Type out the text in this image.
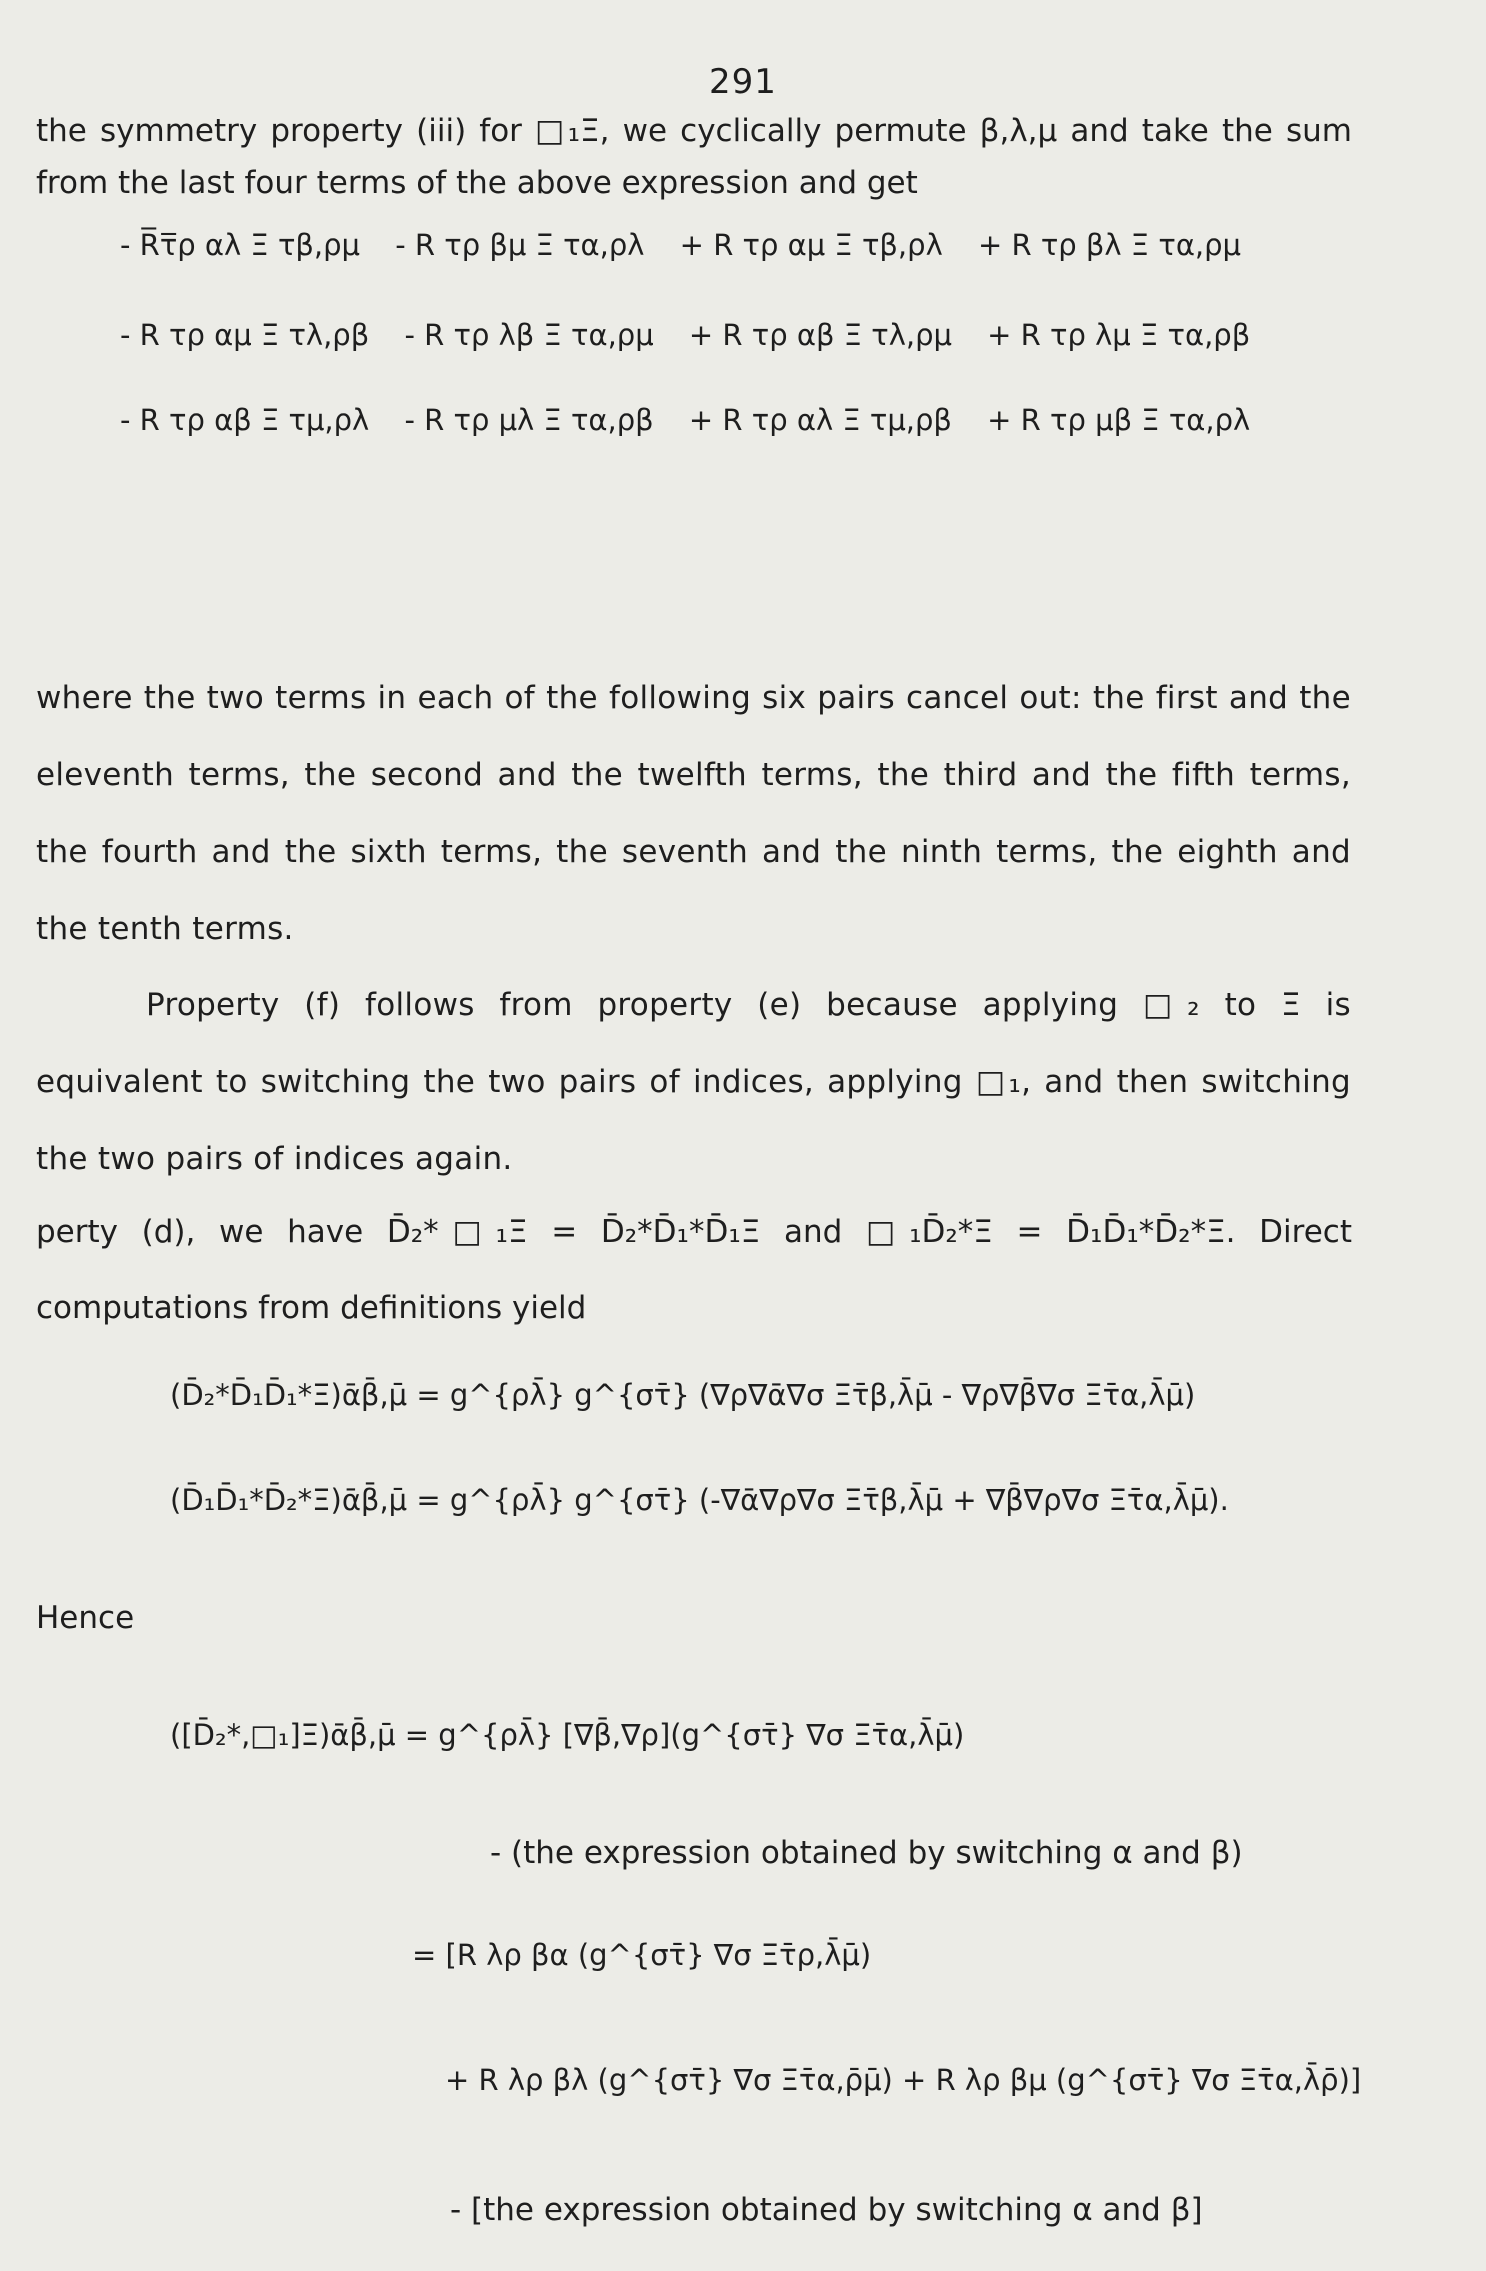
291
the symmetry property (iii) for □₁Ξ, we cyclically permute β,λ,μ and take the sum
from the last four terms of the above expression and get
- R̅τ̅ρ αλ Ξ τβ,ρμ - R τρ βμ Ξ τα,ρλ + R τρ αμ Ξ τβ,ρλ + R τρ βλ Ξ τα,ρμ
- R τρ αμ Ξ τλ,ρβ - R τρ λβ Ξ τα,ρμ + R τρ αβ Ξ τλ,ρμ + R τρ λμ Ξ τα,ρβ
- R τρ αβ Ξ τμ,ρλ - R τρ μλ Ξ τα,ρβ + R τρ αλ Ξ τμ,ρβ + R τρ μβ Ξ τα,ρλ
where the two terms in each of the following six pairs cancel out: the first and the eleventh terms, the second and the twelfth terms, the third and the fifth terms, the fourth and the sixth terms, the seventh and the ninth terms, the eighth and the tenth terms.
Property (f) follows from property (e) because applying □₂ to Ξ is equivalent to switching the two pairs of indices, applying □₁, and then switching the two pairs of indices again.
perty (d), we have D̄₂*□₁Ξ = D̄₂*D̄₁*D̄₁Ξ and □₁D̄₂*Ξ = D̄₁D̄₁*D̄₂*Ξ. Direct
computations from definitions yield
(D̄₂*D̄₁D̄₁*Ξ)ᾱβ̄,μ̄ = g^{ρλ̄} g^{στ̄} (∇ρ∇ᾱ∇σ Ξτ̄β,λ̄μ̄ - ∇ρ∇β̄∇σ Ξτ̄α,λ̄μ̄)
(D̄₁D̄₁*D̄₂*Ξ)ᾱβ̄,μ̄ = g^{ρλ̄} g^{στ̄} (-∇ᾱ∇ρ∇σ Ξτ̄β,λ̄μ̄ + ∇β̄∇ρ∇σ Ξτ̄α,λ̄μ̄).
Hence
([D̄₂*,□₁]Ξ)ᾱβ̄,μ̄ = g^{ρλ̄} [∇β̄,∇ρ](g^{στ̄} ∇σ Ξτ̄α,λ̄μ̄)
- (the expression obtained by switching α and β)
= [R λρ βα (g^{στ̄} ∇σ Ξτ̄ρ,λ̄μ̄)
+ R λρ βλ (g^{στ̄} ∇σ Ξτ̄α,ρ̄μ̄) + R λρ βμ (g^{στ̄} ∇σ Ξτ̄α,λ̄ρ̄)]
- [the expression obtained by switching α and β]
